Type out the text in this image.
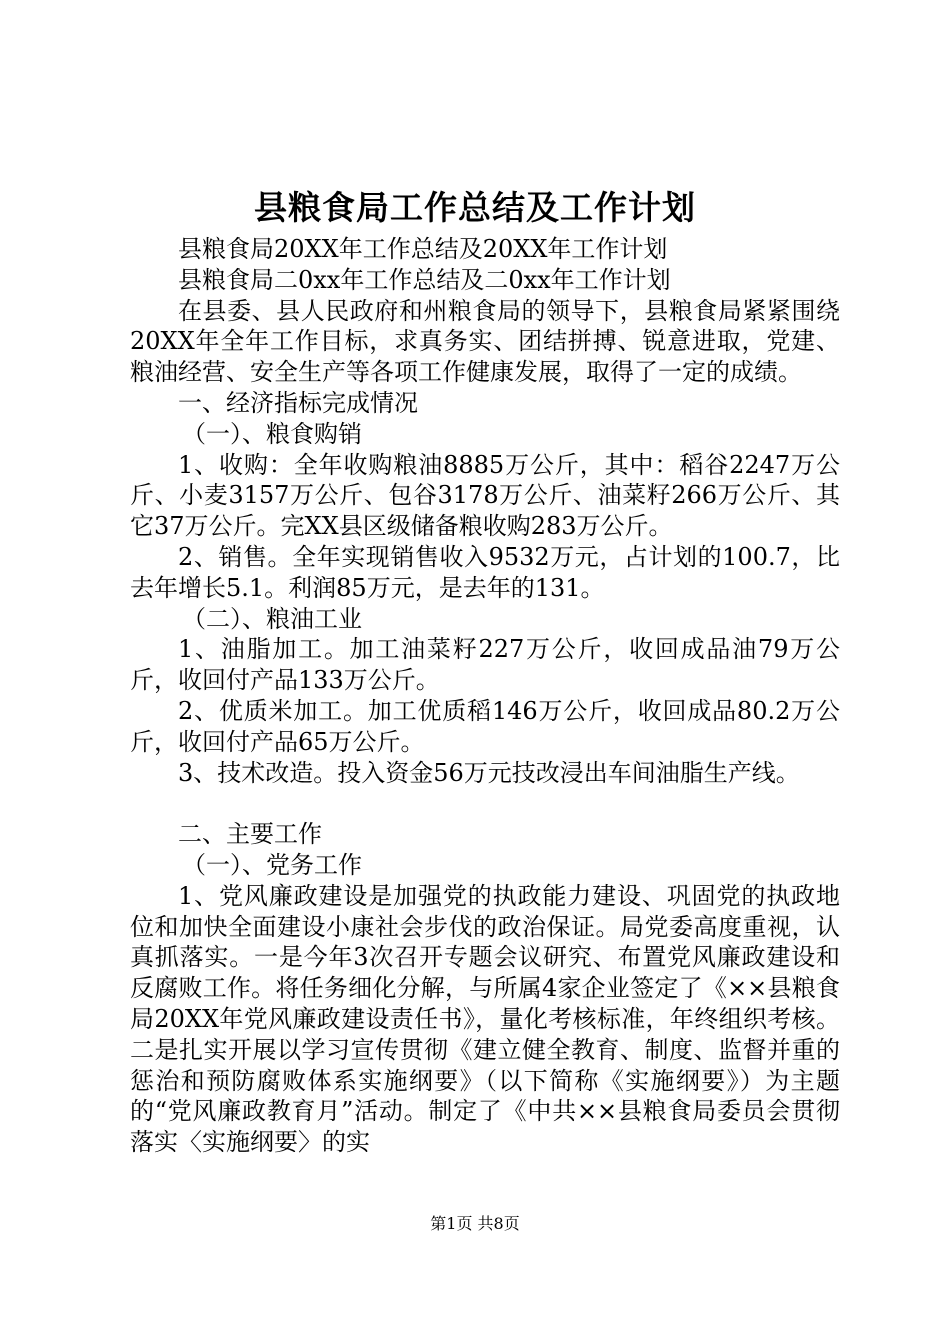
县粮食局工作总结及工作计划

县粮食局20XX年工作总结及20XX年工作计划

县粮食局二0xx年工作总结及二0xx年工作计划

在县委、县人民政府和州粮食局的领导下，县粮食局紧紧围绕20XX年全年工作目标，求真务实、团结拼搏、锐意进取，党建、粮油经营、安全生产等各项工作健康发展，取得了一定的成绩。

一、经济指标完成情况

（一）、粮食购销

1、收购：全年收购粮油8885万公斤，其中：稻谷2247万公斤、小麦3157万公斤、包谷3178万公斤、油菜籽266万公斤、其它37万公斤。完XX县区级储备粮收购283万公斤。

2、销售。全年实现销售收入9532万元，占计划的100.7，比去年增长5.1。利润85万元，是去年的131。

（二）、粮油工业

1、油脂加工。加工油菜籽227万公斤，收回成品油79万公斤，收回付产品133万公斤。

2、优质米加工。加工优质稻146万公斤，收回成品80.2万公斤，收回付产品65万公斤。

3、技术改造。投入资金56万元技改浸出车间油脂生产线。

二、主要工作

（一）、党务工作

1、党风廉政建设是加强党的执政能力建设、巩固党的执政地位和加快全面建设小康社会步伐的政治保证。局党委高度重视，认真抓落实。一是今年3次召开专题会议研究、布置党风廉政建设和反腐败工作。将任务细化分解，与所属4家企业签定了《××县粮食局20XX年党风廉政建设责任书》，量化考核标准，年终组织考核。二是扎实开展以学习宣传贯彻《建立健全教育、制度、监督并重的惩治和预防腐败体系实施纲要》（以下简称《实施纲要》）为主题的“党风廉政教育月”活动。制定了《中共××县粮食局委员会贯彻落实〈实施纲要〉的实

第1页 共8页
